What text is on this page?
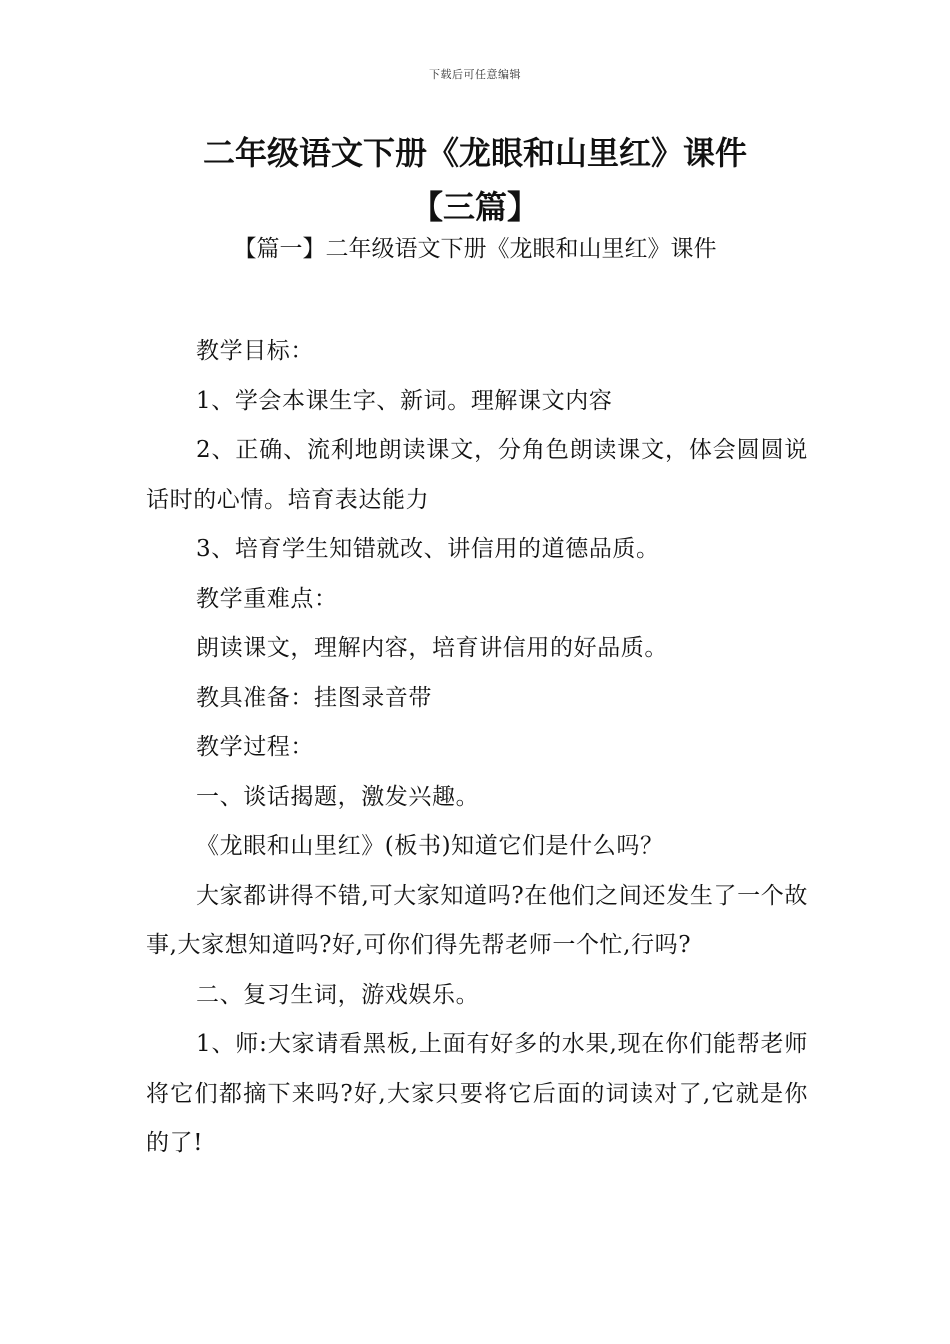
下载后可任意编辑
二年级语文下册《龙眼和山里红》课件
【三篇】
【篇一】二年级语文下册《龙眼和山里红》课件

教学目标：

1、学会本课生字、新词。理解课文内容

2、正确、流利地朗读课文，分角色朗读课文，体会圆圆说话时的心情。培育表达能力

3、培育学生知错就改、讲信用的道德品质。

教学重难点：

朗读课文，理解内容，培育讲信用的好品质。

教具准备：挂图录音带

教学过程：

一、谈话揭题，激发兴趣。

《龙眼和山里红》(板书)知道它们是什么吗？

大家都讲得不错,可大家知道吗?在他们之间还发生了一个故事,大家想知道吗?好,可你们得先帮老师一个忙,行吗?

二、复习生词，游戏娱乐。

1、师:大家请看黑板,上面有好多的水果,现在你们能帮老师将它们都摘下来吗?好,大家只要将它后面的词读对了,它就是你的了!
